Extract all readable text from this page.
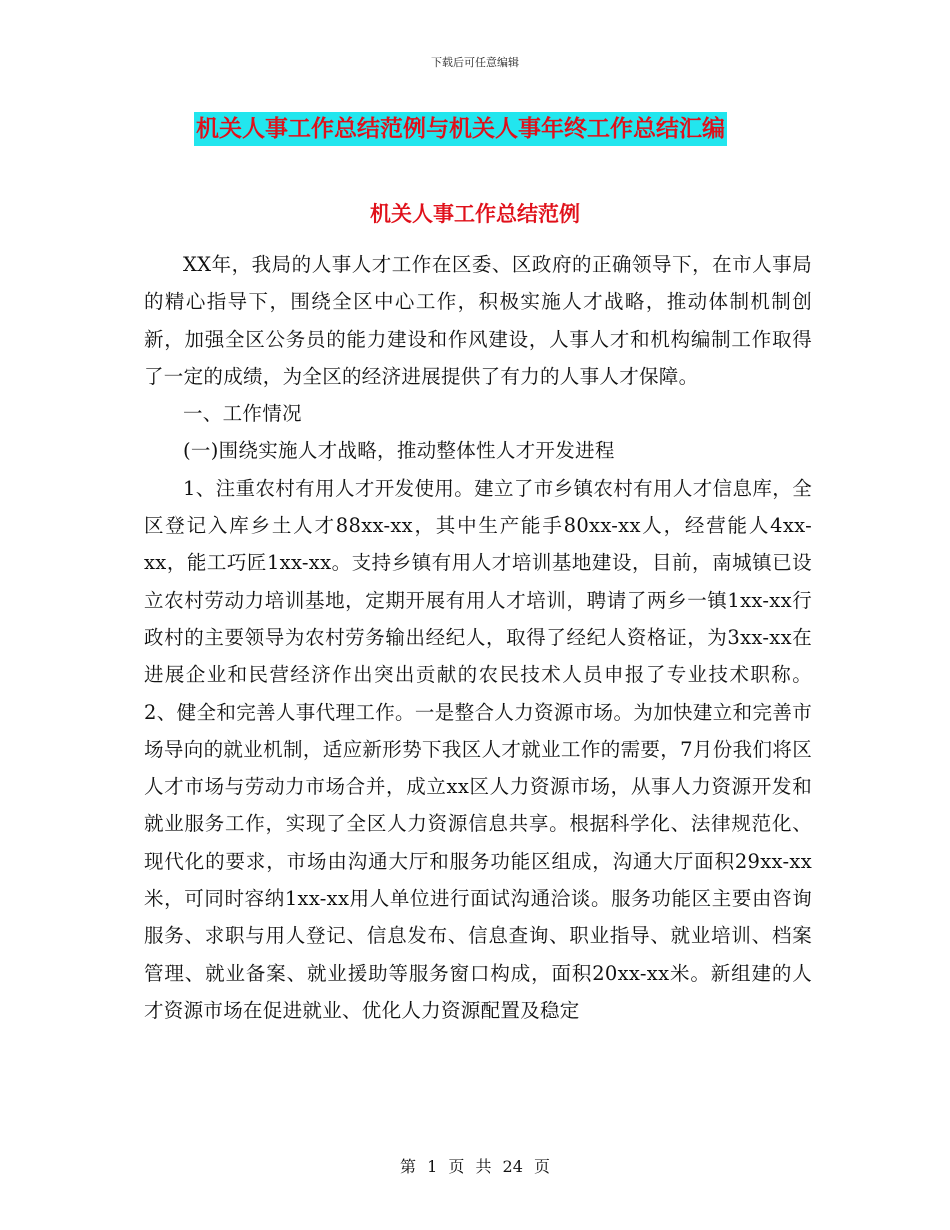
下载后可任意编辑
机关人事工作总结范例与机关人事年终工作总结汇编
机关人事工作总结范例

XX年，我局的人事人才工作在区委、区政府的正确领导下，在市人事局的精心指导下，围绕全区中心工作，积极实施人才战略，推动体制机制创新，加强全区公务员的能力建设和作风建设，人事人才和机构编制工作取得了一定的成绩，为全区的经济进展提供了有力的人事人才保障。

一、工作情况

(一)围绕实施人才战略，推动整体性人才开发进程

1、注重农村有用人才开发使用。建立了市乡镇农村有用人才信息库，全区登记入库乡土人才88xx-xx，其中生产能手80xx-xx人，经营能人4xx-xx，能工巧匠1xx-xx。支持乡镇有用人才培训基地建设，目前，南城镇已设立农村劳动力培训基地，定期开展有用人才培训，聘请了两乡一镇1xx-xx行政村的主要领导为农村劳务输出经纪人，取得了经纪人资格证，为3xx-xx在进展企业和民营经济作出突出贡献的农民技术人员申报了专业技术职称。 2、健全和完善人事代理工作。一是整合人力资源市场。为加快建立和完善市场导向的就业机制，适应新形势下我区人才就业工作的需要，7月份我们将区人才市场与劳动力市场合并，成立xx区人力资源市场，从事人力资源开发和就业服务工作，实现了全区人力资源信息共享。根据科学化、法律规范化、现代化的要求，市场由沟通大厅和服务功能区组成，沟通大厅面积29xx-xx米，可同时容纳1xx-xx用人单位进行面试沟通洽谈。服务功能区主要由咨询服务、求职与用人登记、信息发布、信息查询、职业指导、就业培训、档案管理、就业备案、就业援助等服务窗口构成，面积20xx-xx米。新组建的人才资源市场在促进就业、优化人力资源配置及稳定

第 1 页 共 24 页
